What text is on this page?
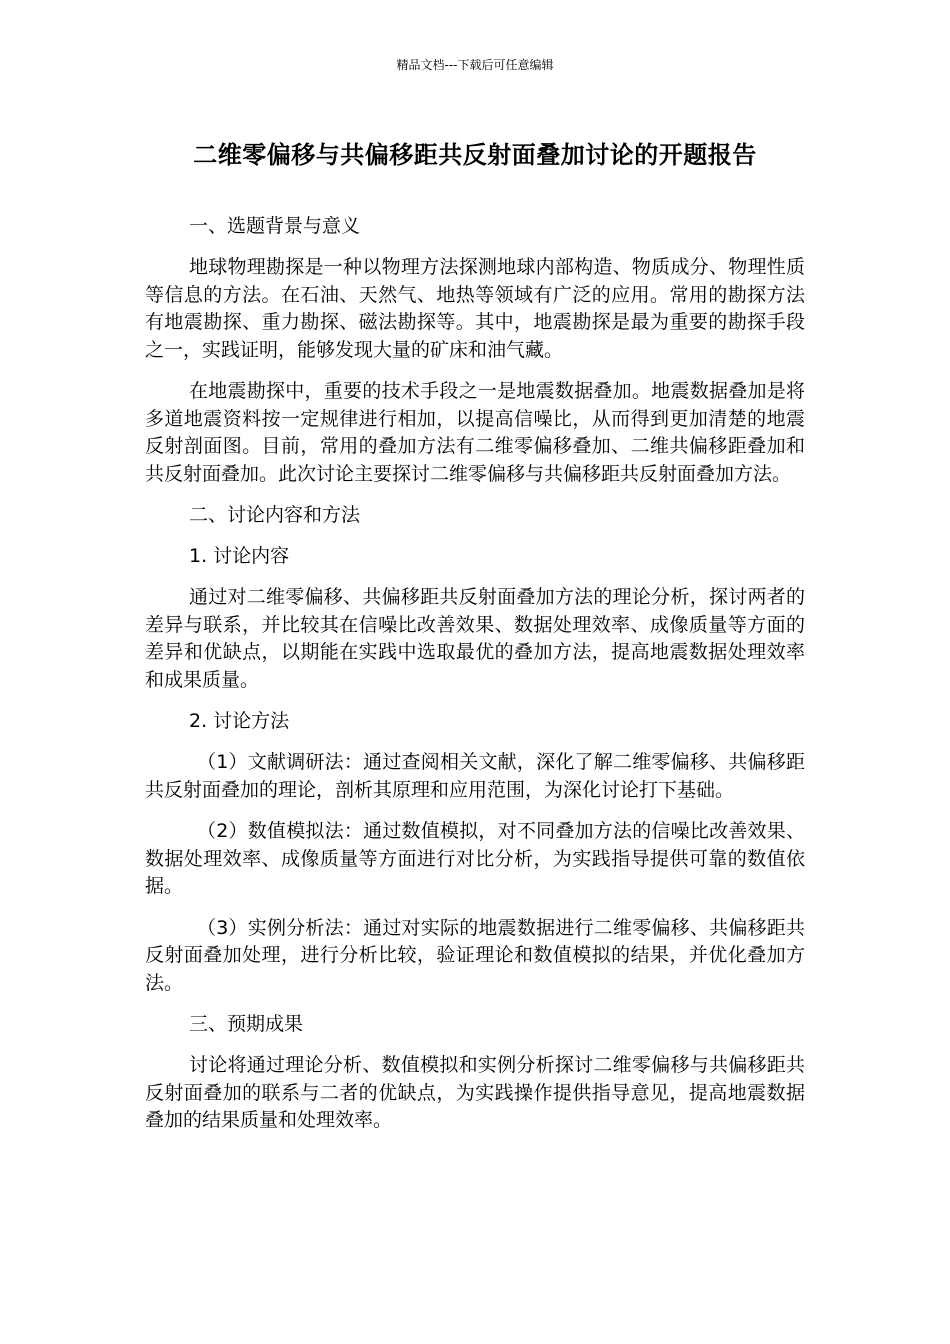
精品文档---下载后可任意编辑
二维零偏移与共偏移距共反射面叠加讨论的开题报告

一、选题背景与意义

地球物理勘探是一种以物理方法探测地球内部构造、物质成分、物理性质等信息的方法。在石油、天然气、地热等领域有广泛的应用。常用的勘探方法有地震勘探、重力勘探、磁法勘探等。其中，地震勘探是最为重要的勘探手段之一，实践证明，能够发现大量的矿床和油气藏。

在地震勘探中，重要的技术手段之一是地震数据叠加。地震数据叠加是将多道地震资料按一定规律进行相加，以提高信噪比，从而得到更加清楚的地震反射剖面图。目前，常用的叠加方法有二维零偏移叠加、二维共偏移距叠加和共反射面叠加。此次讨论主要探讨二维零偏移与共偏移距共反射面叠加方法。

二、讨论内容和方法

1. 讨论内容

通过对二维零偏移、共偏移距共反射面叠加方法的理论分析，探讨两者的差异与联系，并比较其在信噪比改善效果、数据处理效率、成像质量等方面的差异和优缺点，以期能在实践中选取最优的叠加方法，提高地震数据处理效率和成果质量。

2. 讨论方法

（1）文献调研法：通过查阅相关文献，深化了解二维零偏移、共偏移距共反射面叠加的理论，剖析其原理和应用范围，为深化讨论打下基础。

（2）数值模拟法：通过数值模拟，对不同叠加方法的信噪比改善效果、数据处理效率、成像质量等方面进行对比分析，为实践指导提供可靠的数值依据。

（3）实例分析法：通过对实际的地震数据进行二维零偏移、共偏移距共反射面叠加处理，进行分析比较，验证理论和数值模拟的结果，并优化叠加方法。

三、预期成果

讨论将通过理论分析、数值模拟和实例分析探讨二维零偏移与共偏移距共反射面叠加的联系与二者的优缺点，为实践操作提供指导意见，提高地震数据叠加的结果质量和处理效率。
